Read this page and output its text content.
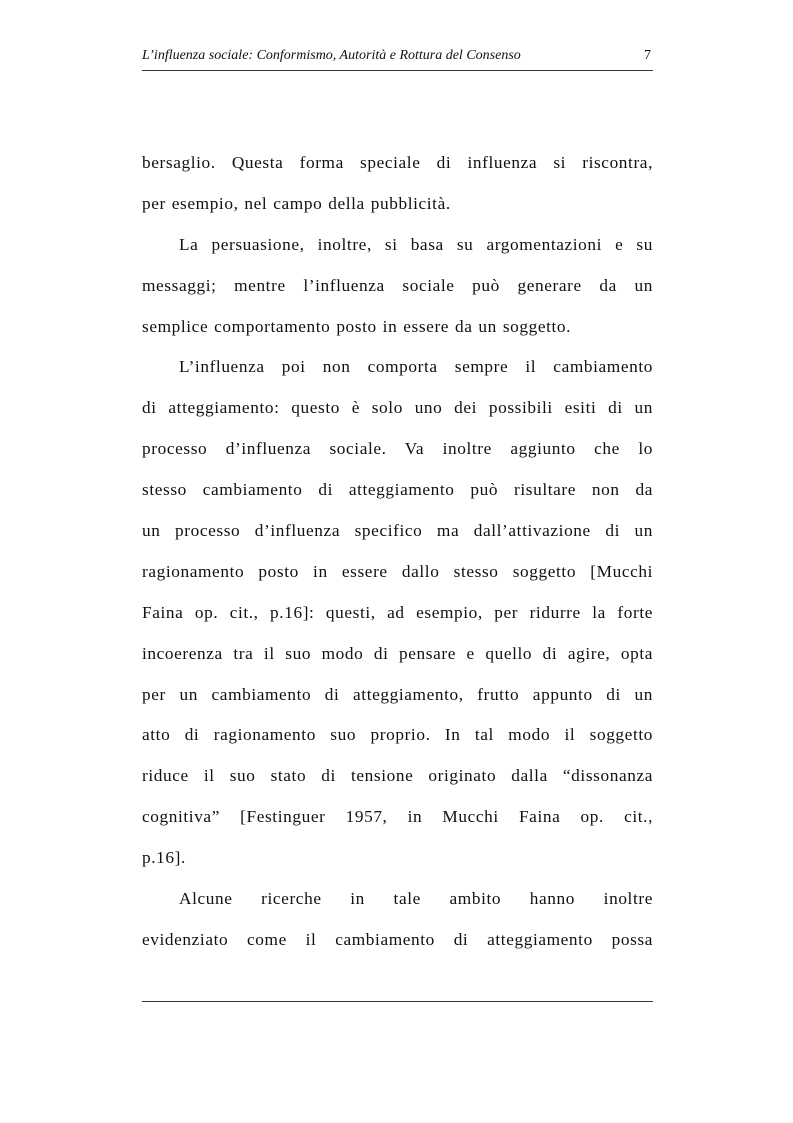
L’influenza sociale: Conformismo, Autorità e Rottura del Consenso	7
bersaglio. Questa forma speciale di influenza si riscontra,
per esempio, nel campo della pubblicità.
La persuasione, inoltre, si basa su argomentazioni e su
messaggi; mentre l’influenza sociale può generare da un
semplice comportamento posto in essere da un soggetto.
L’influenza poi non comporta sempre il cambiamento
di atteggiamento: questo è solo uno dei possibili esiti di un
processo d’influenza sociale. Va inoltre aggiunto che lo
stesso cambiamento di atteggiamento può risultare non da
un processo d’influenza specifico ma dall’attivazione di un
ragionamento posto in essere dallo stesso soggetto [Mucchi
Faina op. cit., p.16]: questi, ad esempio, per ridurre la forte
incoerenza tra il suo modo di pensare e quello di agire, opta
per un cambiamento di atteggiamento, frutto appunto di un
atto di ragionamento suo proprio. In tal modo il soggetto
riduce il suo stato di tensione originato dalla “dissonanza
cognitiva” [Festinguer 1957, in Mucchi Faina op. cit.,
p.16].
Alcune ricerche in tale ambito hanno inoltre
evidenziato come il cambiamento di atteggiamento possa
